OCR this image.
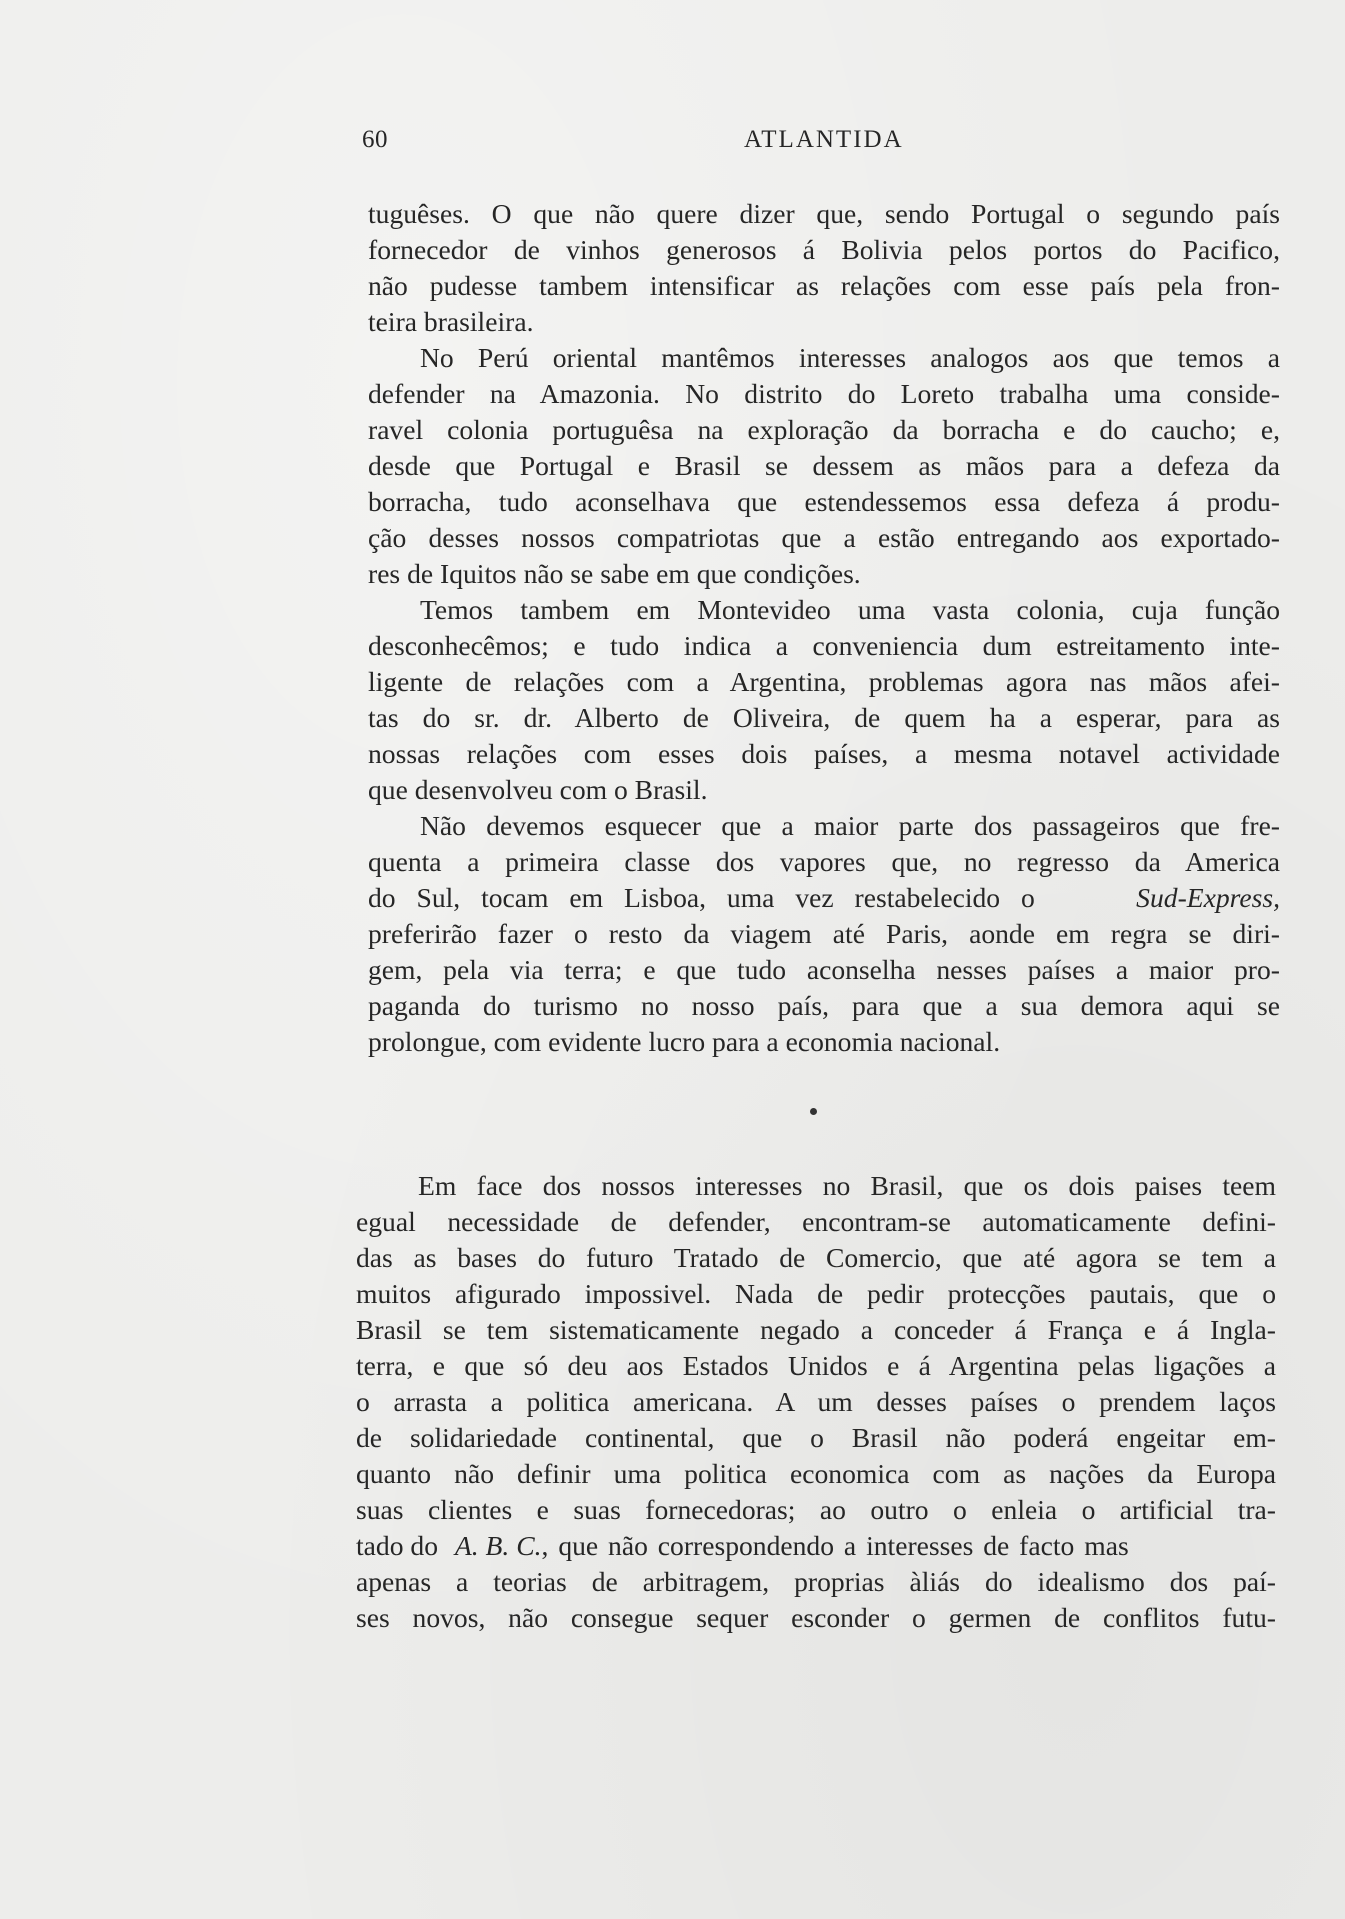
60	ATLANTIDA
tuguêses. O que não quere dizer que, sendo Portugal o segundo país
fornecedor de vinhos generosos á Bolivia pelos portos do Pacifico,
não pudesse tambem intensificar as relações com esse país pela fron-
teira brasileira.
No Perú oriental mantêmos interesses analogos aos que temos a
defender na Amazonia. No distrito do Loreto trabalha uma conside-
ravel colonia portuguêsa na exploração da borracha e do caucho; e,
desde que Portugal e Brasil se dessem as mãos para a defeza da
borracha, tudo aconselhava que estendessemos essa defeza á produ-
ção desses nossos compatriotas que a estão entregando aos exportado-
res de Iquitos não se sabe em que condições.
Temos tambem em Montevideo uma vasta colonia, cuja função
desconhecêmos; e tudo indica a conveniencia dum estreitamento inte-
ligente de relações com a Argentina, problemas agora nas mãos afei-
tas do sr. dr. Alberto de Oliveira, de quem ha a esperar, para as
nossas relações com esses dois países, a mesma notavel actividade
que desenvolveu com o Brasil.
Não devemos esquecer que a maior parte dos passageiros que fre-
quenta a primeira classe dos vapores que, no regresso da America
do Sul, tocam em Lisboa, uma vez restabelecido o	Sud-Express,
preferirão fazer o resto da viagem até Paris, aonde em regra se diri-
gem, pela via terra; e que tudo aconselha nesses países a maior pro-
paganda do turismo no nosso país, para que a sua demora aqui se
prolongue, com evidente lucro para a economia nacional.
Em face dos nossos interesses no Brasil, que os dois paises teem
egual necessidade de defender, encontram-se automaticamente defini-
das as bases do futuro Tratado de Comercio, que até agora se tem a
muitos afigurado impossivel. Nada de pedir protecções pautais, que o
Brasil se tem sistematicamente negado a conceder á França e á Ingla-
terra, e que só deu aos Estados Unidos e á Argentina pelas ligações a
o arrasta a politica americana. A um desses países o prendem laços
de solidariedade continental, que o Brasil não poderá engeitar em-
quanto não definir uma politica economica com as nações da Europa
suas clientes e suas fornecedoras; ao outro o enleia o artificial tra-
tado do A. B. C., que não correspondendo a interesses de facto mas
apenas a teorias de arbitragem, proprias àliás do idealismo dos paí-
ses novos, não consegue sequer esconder o germen de conflitos futu-
